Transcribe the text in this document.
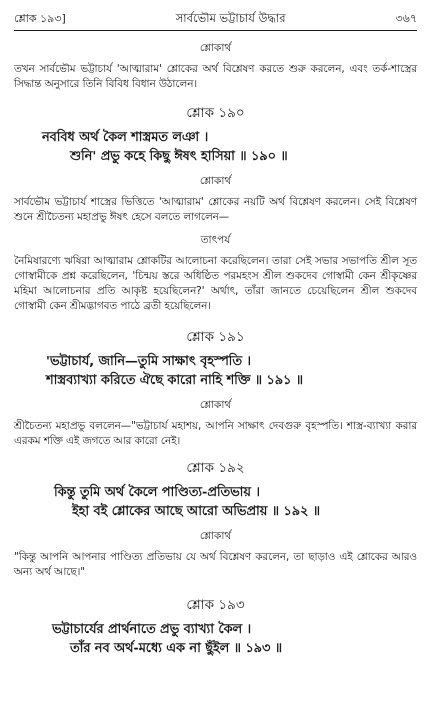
শ্লোক ১৯৩]	সার্বভৌম ভট্টাচার্য উদ্ধার	৩৬৭
শ্লোকার্থ

তখন সার্বভৌম ভট্টাচার্য 'আত্মারাম' শ্লোকের অর্থ বিশ্লেষণ করতে শুরু করলেন, এবং তর্ক-শাস্ত্রের সিদ্ধান্ত অনুসারে তিনি বিবিধ বিধান উঠালেন।

শ্লোক ১৯০
নববিধ অর্থ কৈল শাস্ত্রমত লঞা ।
শুনি' প্রভু কহে কিছু ঈষৎ হাসিয়া ॥ ১৯০ ॥
শ্লোকার্থ

সার্বভৌম ভট্টাচার্য শাস্ত্রের ভিত্তিতে 'আত্মারাম' শ্লোকের নয়টি অর্থ বিশ্লেষণ করলেন। সেই বিশ্লেষণ শুনে শ্রীচৈতন্য মহাপ্রভু ঈষৎ হেসে বলতে লাগলেন—

তাৎপর্য

নৈমিষারণ্যে ঋষিরা আত্মারাম শ্লোকটির আলোচনা করেছিলেন। তারা সেই সভার সভাপতি শ্রীল সূত গোস্বামীকে প্রশ্ন করেছিলেন, 'চিন্ময় স্তরে অধিষ্ঠিত পরমহংস শ্রীল শুকদেব গোস্বামী কেন শ্রীকৃষ্ণের মহিমা আলোচনার প্রতি আকৃষ্ট হয়েছিলেন?' অর্থাৎ, তাঁরা জানতে চেয়েছিলেন শ্রীল শুকদেব গোস্বামী কেন শ্রীমদ্ভাগবত পাঠে ব্রতী হয়েছিলেন।

শ্লোক ১৯১
'ভট্টাচার্য, জানি—তুমি সাক্ষাৎ বৃহস্পতি ।
শাস্ত্রব্যাখ্যা করিতে ঐছে কারো নাহি শক্তি ॥ ১৯১ ॥
শ্লোকার্থ

শ্রীচৈতন্য মহাপ্রভু বললেন—"ভট্টাচার্য মহাশয়, আপনি সাক্ষাৎ দেবগুরু বৃহস্পতি। শাস্ত্র-ব্যাখ্যা করার এরকম শক্তি এই জগতে আর কারো নেই।

শ্লোক ১৯২
কিন্তু তুমি অর্থ কৈলে পাণ্ডিত্য-প্রতিভায় ।
ইহা বই শ্লোকের আছে আরো অভিপ্রায় ॥ ১৯২ ॥
শ্লোকার্থ

"কিন্তু আপনি আপনার পাণ্ডিত্য প্রতিভায় যে অর্থ বিশ্লেষণ করলেন, তা ছাড়াও এই শ্লোকের আরও অন্য অর্থ আছে।"

শ্লোক ১৯৩
ভট্টাচার্যের প্রার্থনাতে প্রভু ব্যাখ্যা কৈল ।
তাঁর নব অর্থ-মধ্যে এক না ছুঁইল ॥ ১৯৩ ॥
